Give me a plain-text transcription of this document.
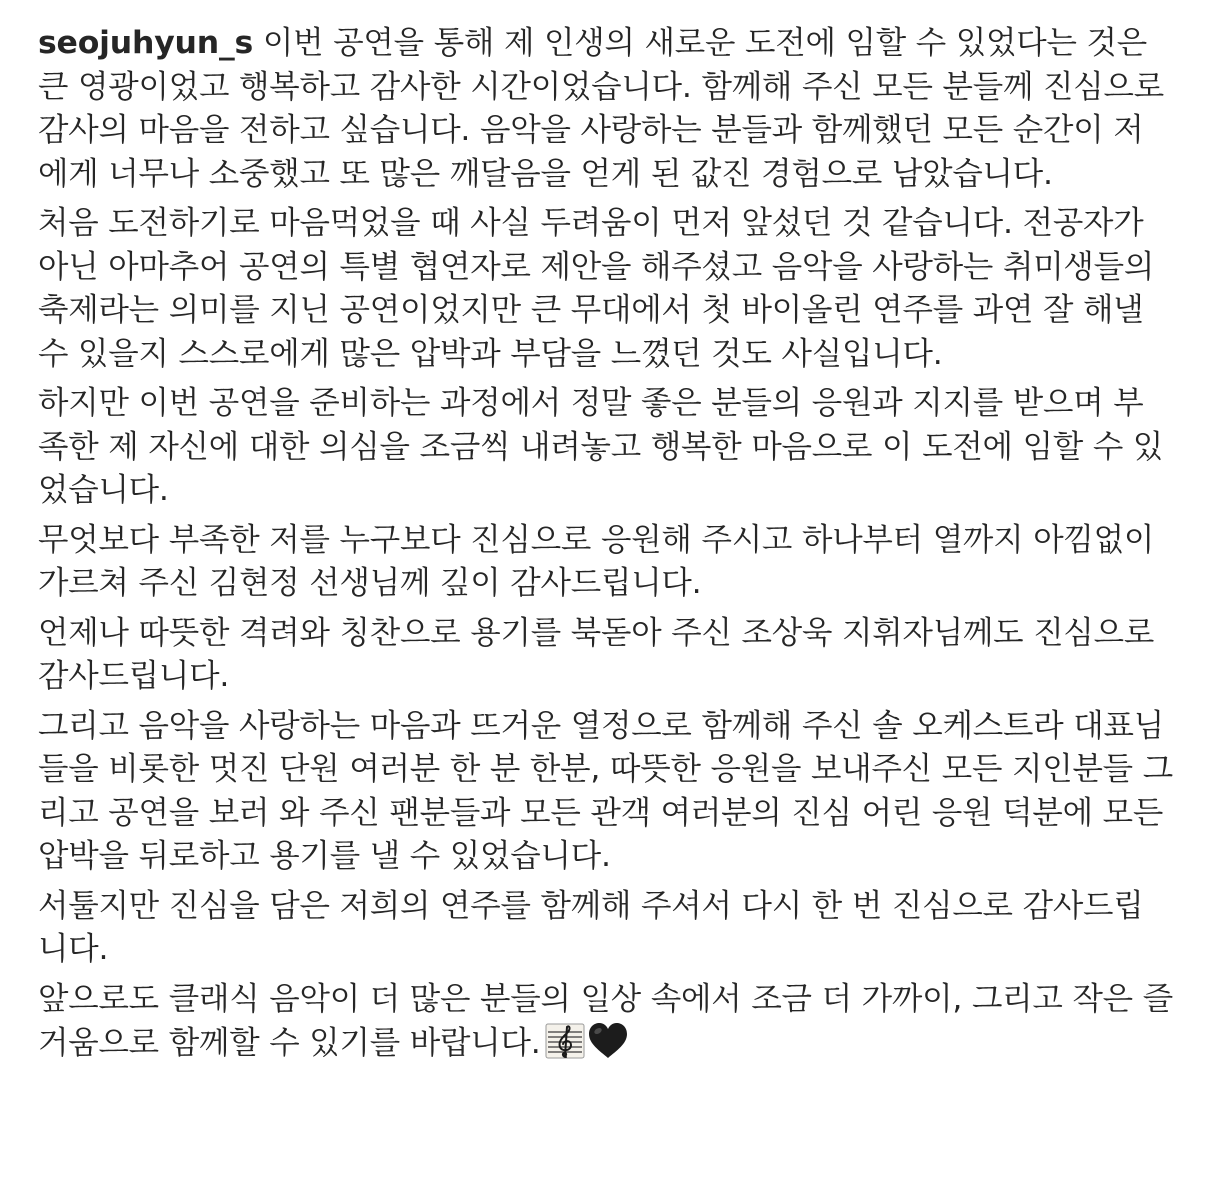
seojuhyun_s 이번 공연을 통해 제 인생의 새로운 도전에 임할 수 있었다는 것은 큰 영광이었고 행복하고 감사한 시간이었습니다. 함께해 주신 모든 분들께 진심으로 감사의 마음을 전하고 싶습니다. 음악을 사랑하는 분들과 함께했던 모든 순간이 저에게 너무나 소중했고 또 많은 깨달음을 얻게 된 값진 경험으로 남았습니다.
처음 도전하기로 마음먹었을 때 사실 두려움이 먼저 앞섰던 것 같습니다. 전공자가 아닌 아마추어 공연의 특별 협연자로 제안을 해주셨고 음악을 사랑하는 취미생들의 축제라는 의미를 지닌 공연이었지만 큰 무대에서 첫 바이올린 연주를 과연 잘 해낼 수 있을지 스스로에게 많은 압박과 부담을 느꼈던 것도 사실입니다.
하지만 이번 공연을 준비하는 과정에서 정말 좋은 분들의 응원과 지지를 받으며 부족한 제 자신에 대한 의심을 조금씩 내려놓고 행복한 마음으로 이 도전에 임할 수 있었습니다.
무엇보다 부족한 저를 누구보다 진심으로 응원해 주시고 하나부터 열까지 아낌없이 가르쳐 주신 김현정 선생님께 깊이 감사드립니다.
언제나 따뜻한 격려와 칭찬으로 용기를 북돋아 주신 조상욱 지휘자님께도 진심으로 감사드립니다.
그리고 음악을 사랑하는 마음과 뜨거운 열정으로 함께해 주신 솔 오케스트라 대표님들을 비롯한 멋진 단원 여러분 한 분 한분, 따뜻한 응원을 보내주신 모든 지인분들 그리고 공연을 보러 와 주신 팬분들과 모든 관객 여러분의 진심 어린 응원 덕분에 모든 압박을 뒤로하고 용기를 낼 수 있었습니다.
서툴지만 진심을 담은 저희의 연주를 함께해 주셔서 다시 한 번 진심으로 감사드립니다.
앞으로도 클래식 음악이 더 많은 분들의 일상 속에서 조금 더 가까이, 그리고 작은 즐거움으로 함께할 수 있기를 바랍니다.
